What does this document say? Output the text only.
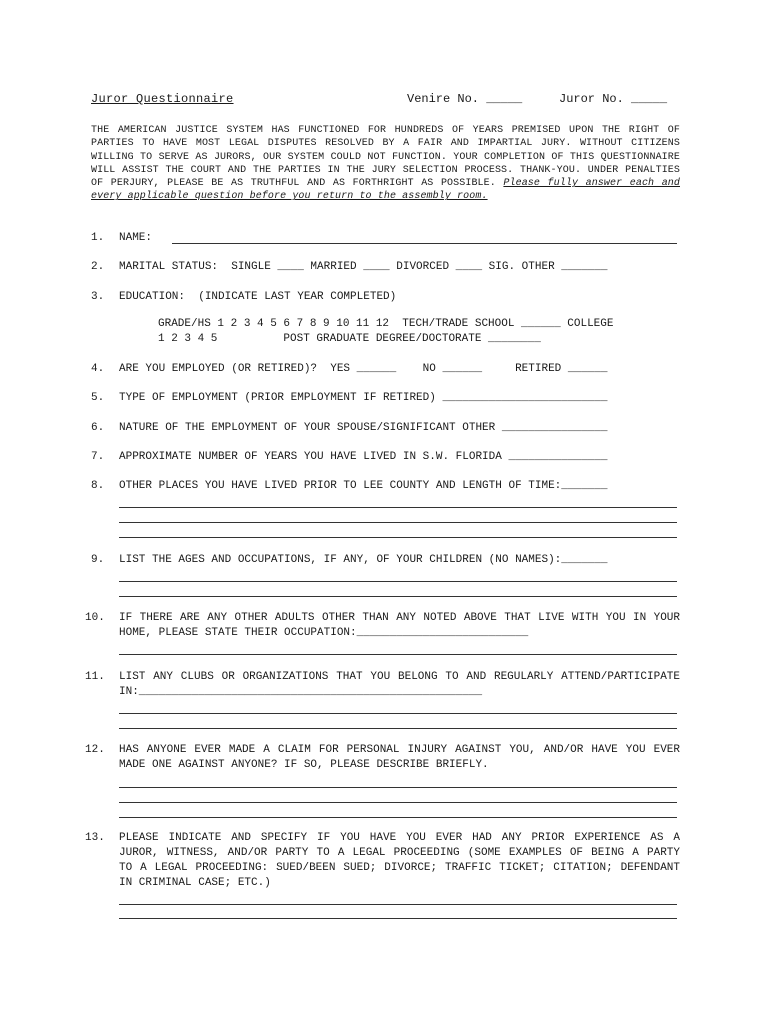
Juror Questionnaire	Venire No. _____	Juror No. _____
THE AMERICAN JUSTICE SYSTEM HAS FUNCTIONED FOR HUNDREDS OF YEARS PREMISED UPON THE RIGHT OF PARTIES TO HAVE MOST LEGAL DISPUTES RESOLVED BY A FAIR AND IMPARTIAL JURY. WITHOUT CITIZENS WILLING TO SERVE AS JURORS, OUR SYSTEM COULD NOT FUNCTION. YOUR COMPLETION OF THIS QUESTIONNAIRE WILL ASSIST THE COURT AND THE PARTIES IN THE JURY SELECTION PROCESS. THANK-YOU. UNDER PENALTIES OF PERJURY, PLEASE BE AS TRUTHFUL AND AS FORTHRIGHT AS POSSIBLE. Please fully answer each and every applicable question before you return to the assembly room.
1. NAME:
2. MARITAL STATUS:  SINGLE ____ MARRIED ____ DIVORCED ____ SIG. OTHER _______
3. EDUCATION:  (INDICATE LAST YEAR COMPLETED)
GRADE/HS 1 2 3 4 5 6 7 8 9 10 11 12  TECH/TRADE SCHOOL ______ COLLEGE
1 2 3 4 5          POST GRADUATE DEGREE/DOCTORATE ________
4. ARE YOU EMPLOYED (OR RETIRED)?  YES ______    NO ______     RETIRED ______
5. TYPE OF EMPLOYMENT (PRIOR EMPLOYMENT IF RETIRED) _________________________
6. NATURE OF THE EMPLOYMENT OF YOUR SPOUSE/SIGNIFICANT OTHER ________________
7. APPROXIMATE NUMBER OF YEARS YOU HAVE LIVED IN S.W. FLORIDA _______________
8. OTHER PLACES YOU HAVE LIVED PRIOR TO LEE COUNTY AND LENGTH OF TIME:_______
9. LIST THE AGES AND OCCUPATIONS, IF ANY, OF YOUR CHILDREN (NO NAMES):_______
10. IF THERE ARE ANY OTHER ADULTS OTHER THAN ANY NOTED ABOVE THAT LIVE WITH YOU IN YOUR HOME, PLEASE STATE THEIR OCCUPATION:__________________________
11. LIST ANY CLUBS OR ORGANIZATIONS THAT YOU BELONG TO AND REGULARLY ATTEND/PARTICIPATE IN:____________________________________________________
12. HAS ANYONE EVER MADE A CLAIM FOR PERSONAL INJURY AGAINST YOU, AND/OR HAVE YOU EVER MADE ONE AGAINST ANYONE? IF SO, PLEASE DESCRIBE BRIEFLY.
13. PLEASE INDICATE AND SPECIFY IF YOU HAVE YOU EVER HAD ANY PRIOR EXPERIENCE AS A JUROR, WITNESS, AND/OR PARTY TO A LEGAL PROCEEDING (SOME EXAMPLES OF BEING A PARTY TO A LEGAL PROCEEDING: SUED/BEEN SUED; DIVORCE; TRAFFIC TICKET; CITATION; DEFENDANT IN CRIMINAL CASE; ETC.)
